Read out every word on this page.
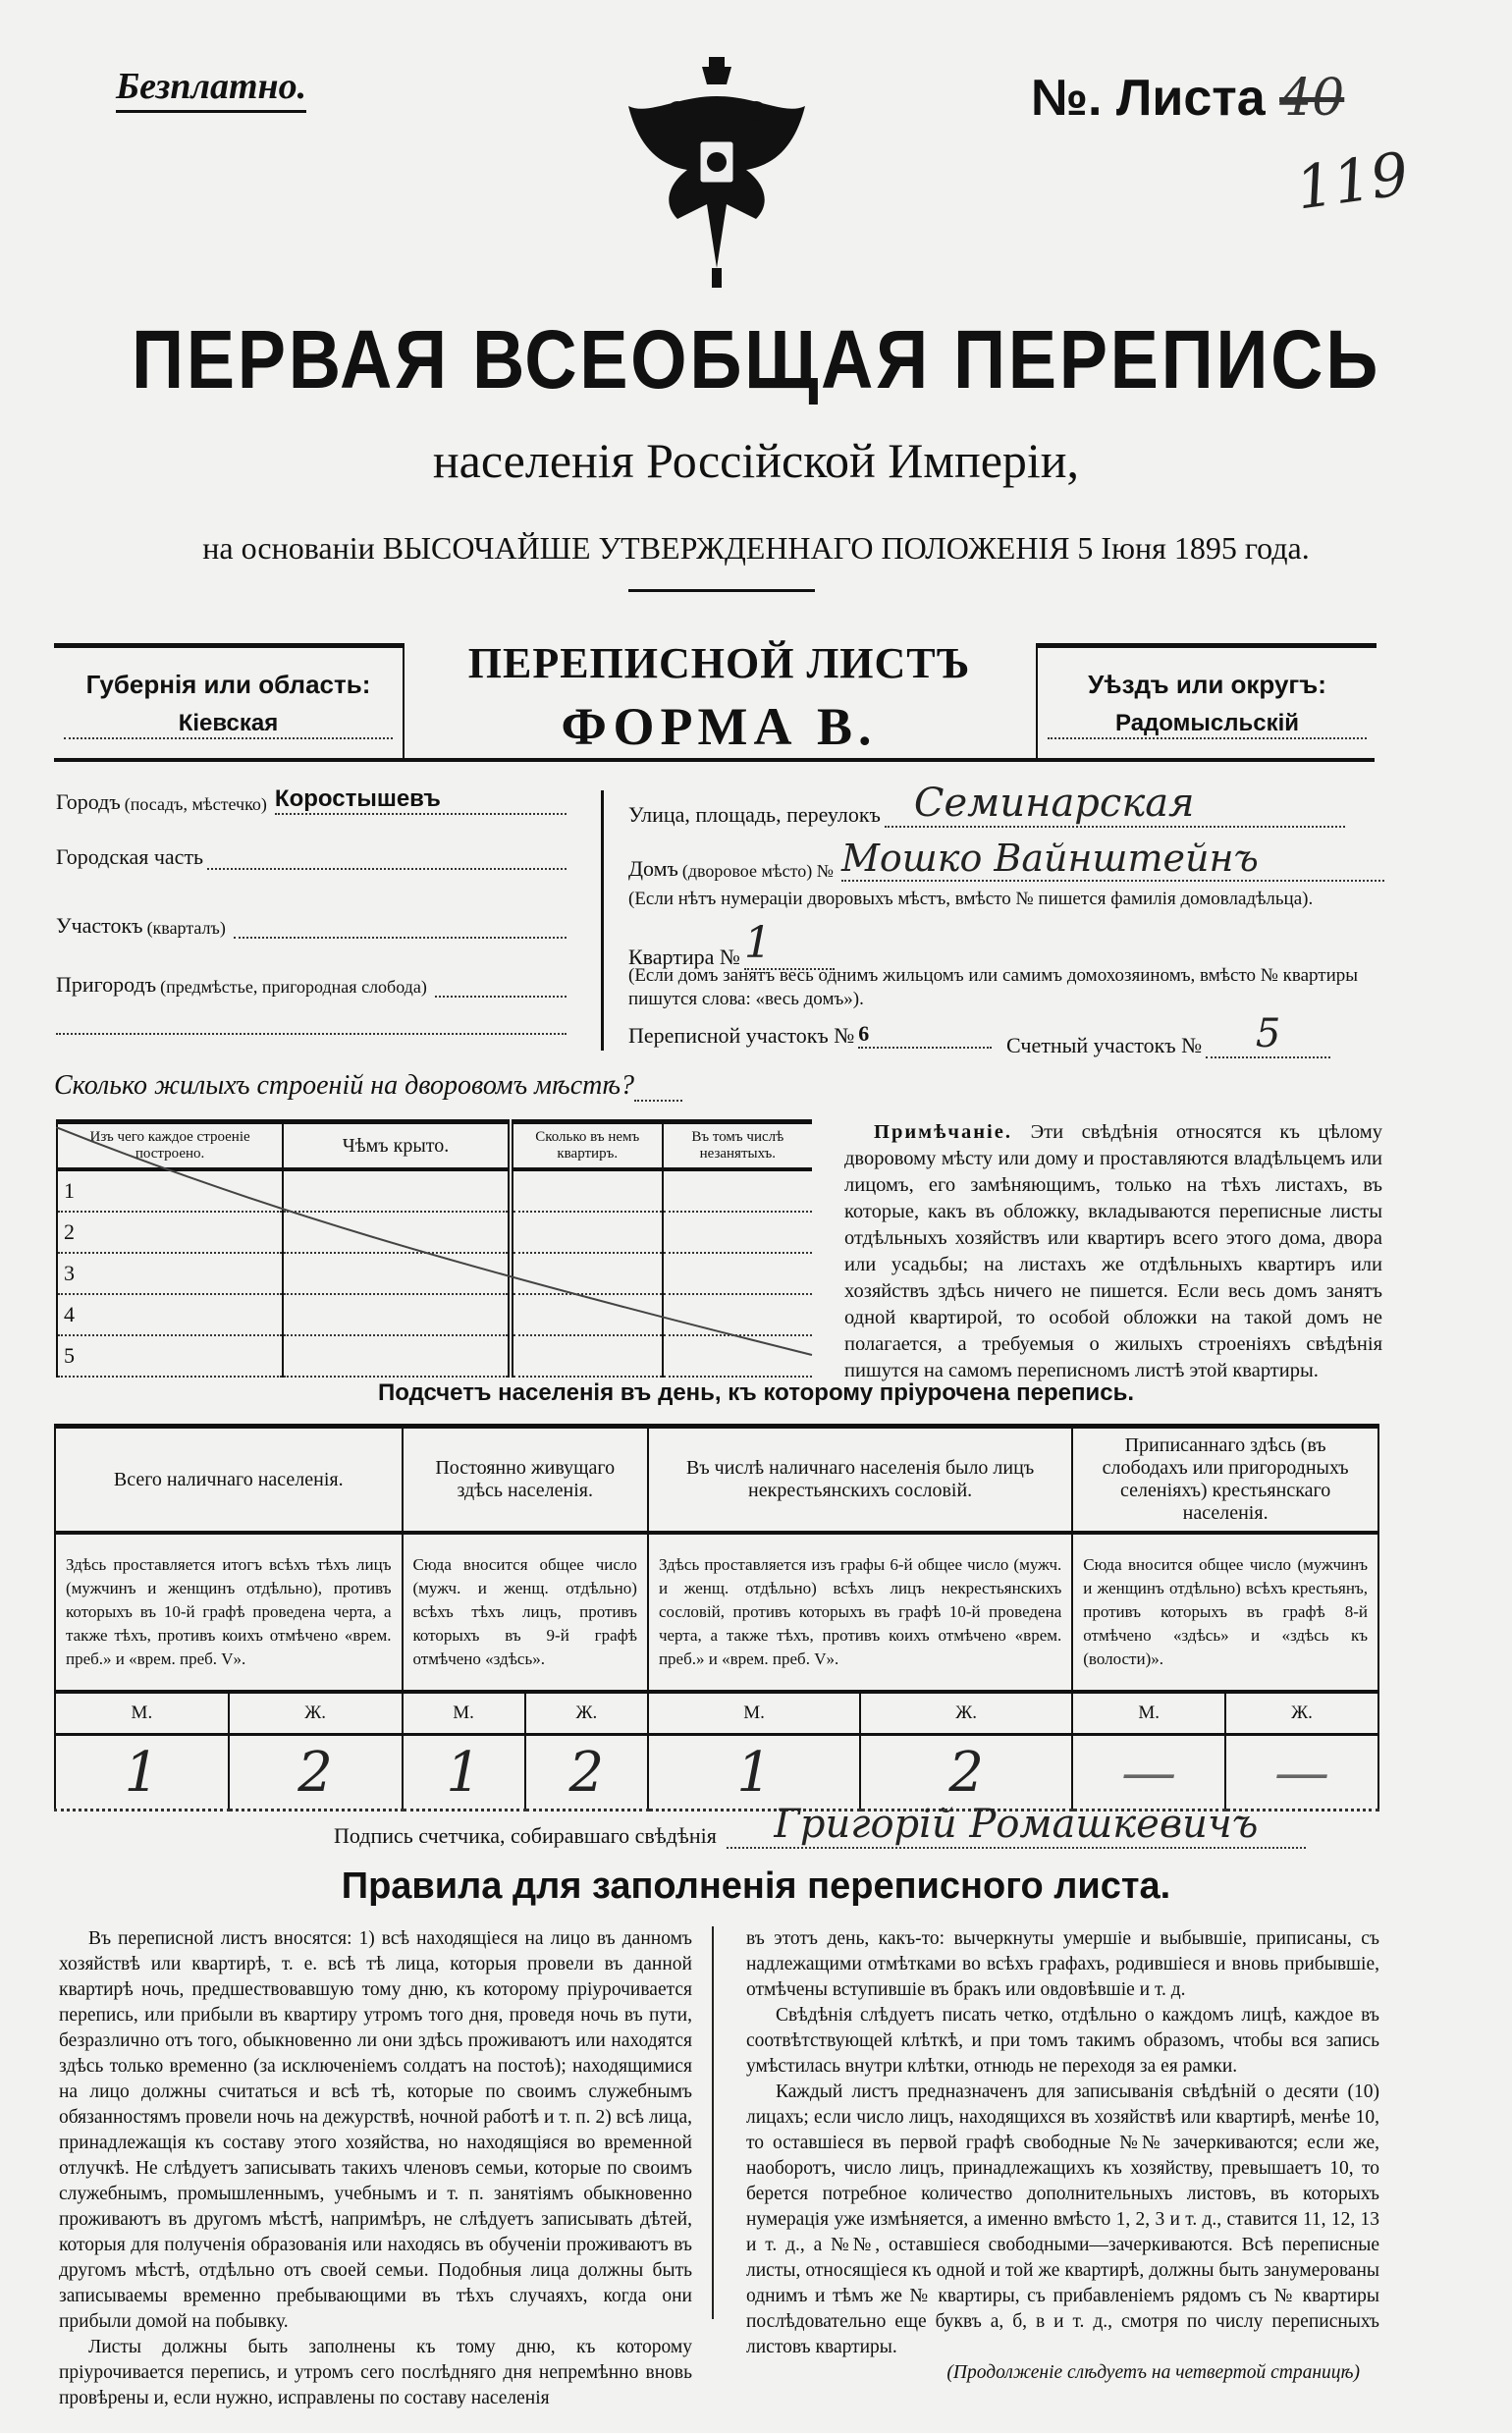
Безплатно.	№. Листа 40
119
ПЕРВАЯ ВСЕОБЩАЯ ПЕРЕПИСЬ
населенія Россійской Имперіи,
на основаніи ВЫСОЧАЙШЕ УТВЕРЖДЕННАГО ПОЛОЖЕНІЯ 5 Іюня 1895 года.
Губернія или область:
Кіевская
ПЕРЕПИСНОЙ ЛИСТЪ
ФОРМА В.
Уѣздъ или округъ:
Радомысльскій
Городъ (посадъ, мѣстечко) Коростышевъ
Городская часть
Участокъ (кварталъ)
Пригородъ (предмѣстье, пригородная слобода)
Улица, площадь, переулокъ Семинарская
Домъ (дворовое мѣсто) № Мошко Вайнштейнъ
(Если нѣтъ нумераціи дворовыхъ мѣстъ, вмѣсто № пишется фамилія домовладѣльца).
Квартира № 1
(Если домъ занятъ весь однимъ жильцомъ или самимъ домохозяиномъ, вмѣсто № квартиры пишутся слова: «весь домъ»).
Переписной участокъ № 6	Счетный участокъ №	5
Сколько жилыхъ строеній на дворовомъ мѣстѣ?
Изъ чего каждое строеніе построено.	Чѣмъ крыто.	Сколько въ немъ квартиръ.	Въ томъ числѣ незанятыхъ.
1			
2			
3			
4			
5			
Примѣчаніе. Эти свѣдѣнія относятся къ цѣлому дворовому мѣсту или дому и проставляются владѣльцемъ или лицомъ, его замѣняющимъ, только на тѣхъ листахъ, въ которые, какъ въ обложку, вкладываются переписные листы отдѣльныхъ хозяйствъ или квартиръ всего этого дома, двора или усадьбы; на листахъ же отдѣльныхъ квартиръ или хозяйствъ здѣсь ничего не пишется. Если весь домъ занятъ одной квартирой, то особой обложки на такой домъ не полагается, а требуемыя о жилыхъ строеніяхъ свѣдѣнія пишутся на самомъ переписномъ листѣ этой квартиры.
Подсчетъ населенія въ день, къ которому пріурочена перепись.
Всего наличнаго населенія.		Постоянно живущаго здѣсь населенія.		Въ числѣ наличнаго населенія было лицъ некрестьянскихъ сословій.		Приписаннаго здѣсь (въ слободахъ или пригородныхъ селеніяхъ) крестьянскаго населенія.	
Здѣсь проставляется итогъ всѣхъ тѣхъ лицъ (мужчинъ и женщинъ отдѣльно), противъ которыхъ въ 10-й графѣ проведена черта, а также тѣхъ, противъ коихъ отмѣчено «врем. преб.» и «врем. преб. V».		Сюда вносится общее число (мужч. и женщ. отдѣльно) всѣхъ тѣхъ лицъ, противъ которыхъ въ 9-й графѣ отмѣчено «здѣсь».		Здѣсь проставляется изъ графы 6-й общее число (мужч. и женщ. отдѣльно) всѣхъ лицъ некрестьянскихъ сословій, противъ которыхъ въ графѣ 10-й проведена черта, а также тѣхъ, противъ коихъ отмѣчено «врем. преб.» и «врем. преб. V».		Сюда вносится общее число (мужчинъ и женщинъ отдѣльно) всѣхъ крестьянъ, противъ которыхъ въ графѣ 8-й отмѣчено «здѣсь» и «здѣсь къ (волости)».	
М.	Ж.	М.	Ж.	М.	Ж.	М.	Ж.
1	2	1	2	1	2	—	—
Подпись счетчика, собиравшаго свѣдѣнія	Григорій Ромашкевичъ
Правила для заполненія переписного листа.

Въ переписной листъ вносятся: 1) всѣ находящіеся на лицо въ данномъ хозяйствѣ или квартирѣ, т. е. всѣ тѣ лица, которыя провели въ данной квартирѣ ночь, предшествовавшую тому дню, къ которому пріурочивается перепись, или прибыли въ квартиру утромъ того дня, проведя ночь въ пути, безразлично отъ того, обыкновенно ли они здѣсь проживаютъ или находятся здѣсь только временно (за исключеніемъ солдатъ на постоѣ); находящимися на лицо должны считаться и всѣ тѣ, которые по своимъ служебнымъ обязанностямъ провели ночь на дежурствѣ, ночной работѣ и т. п. 2) всѣ лица, принадлежащія къ составу этого хозяйства, но находящіяся во временной отлучкѣ. Не слѣдуетъ записывать такихъ членовъ семьи, которые по своимъ служебнымъ, промышленнымъ, учебнымъ и т. п. занятіямъ обыкновенно проживаютъ въ другомъ мѣстѣ, напримѣръ, не слѣдуетъ записывать дѣтей, которыя для полученія образованія или находясь въ обученіи проживаютъ въ другомъ мѣстѣ, отдѣльно отъ своей семьи. Подобныя лица должны быть записываемы временно пребывающими въ тѣхъ случаяхъ, когда они прибыли домой на побывку.

Листы должны быть заполнены къ тому дню, къ которому пріурочивается перепись, и утромъ сего послѣдняго дня непремѣнно вновь провѣрены и, если нужно, исправлены по составу населенія

въ этотъ день, какъ-то: вычеркнуты умершіе и выбывшіе, приписаны, съ надлежащими отмѣтками во всѣхъ графахъ, родившіеся и вновь прибывшіе, отмѣчены вступившіе въ бракъ или овдовѣвшіе и т. д.

Свѣдѣнія слѣдуетъ писать четко, отдѣльно о каждомъ лицѣ, каждое въ соотвѣтствующей клѣткѣ, и при томъ такимъ образомъ, чтобы вся запись умѣстилась внутри клѣтки, отнюдь не переходя за ея рамки.

Каждый листъ предназначенъ для записыванія свѣдѣній о десяти (10) лицахъ; если число лицъ, находящихся въ хозяйствѣ или квартирѣ, менѣе 10, то оставшіеся въ первой графѣ свободные №№ зачеркиваются; если же, наоборотъ, число лицъ, принадлежащихъ къ хозяйству, превышаетъ 10, то берется потребное количество дополнительныхъ листовъ, въ которыхъ нумерація уже измѣняется, а именно вмѣсто 1, 2, 3 и т. д., ставится 11, 12, 13 и т. д., а №№, оставшіеся свободными—зачеркиваются. Всѣ переписные листы, относящіеся къ одной и той же квартирѣ, должны быть занумерованы однимъ и тѣмъ же № квартиры, съ прибавленіемъ рядомъ съ № квартиры послѣдовательно еще буквъ а, б, в и т. д., смотря по числу переписныхъ листовъ квартиры.

(Продолженіе слѣдуетъ на четвертой страницѣ)
